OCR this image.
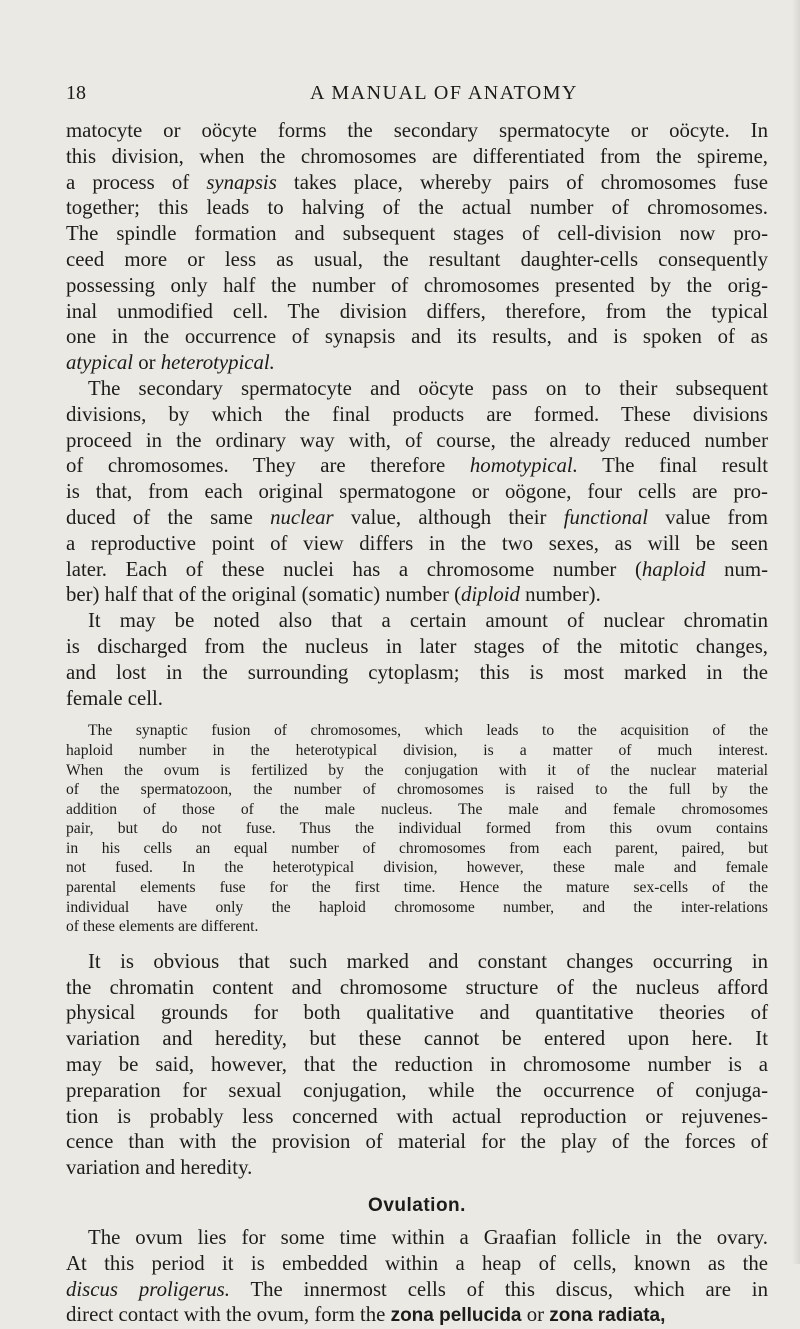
18	A MANUAL OF ANATOMY
matocyte or oöcyte forms the secondary spermatocyte or oöcyte. In
this division, when the chromosomes are differentiated from the spireme,
a process of synapsis takes place, whereby pairs of chromosomes fuse
together; this leads to halving of the actual number of chromosomes.
The spindle formation and subsequent stages of cell-division now pro-
ceed more or less as usual, the resultant daughter-cells consequently
possessing only half the number of chromosomes presented by the orig-
inal unmodified cell. The division differs, therefore, from the typical
one in the occurrence of synapsis and its results, and is spoken of as
atypical or heterotypical.
The secondary spermatocyte and oöcyte pass on to their subsequent
divisions, by which the final products are formed. These divisions
proceed in the ordinary way with, of course, the already reduced number
of chromosomes. They are therefore homotypical. The final result
is that, from each original spermatogone or oögone, four cells are pro-
duced of the same nuclear value, although their functional value from
a reproductive point of view differs in the two sexes, as will be seen
later. Each of these nuclei has a chromosome number (haploid num-
ber) half that of the original (somatic) number (diploid number).
It may be noted also that a certain amount of nuclear chromatin
is discharged from the nucleus in later stages of the mitotic changes,
and lost in the surrounding cytoplasm; this is most marked in the
female cell.
The synaptic fusion of chromosomes, which leads to the acquisition of the
haploid number in the heterotypical division, is a matter of much interest.
When the ovum is fertilized by the conjugation with it of the nuclear material
of the spermatozoon, the number of chromosomes is raised to the full by the
addition of those of the male nucleus. The male and female chromosomes
pair, but do not fuse. Thus the individual formed from this ovum contains
in his cells an equal number of chromosomes from each parent, paired, but
not fused. In the heterotypical division, however, these male and female
parental elements fuse for the first time. Hence the mature sex-cells of the
individual have only the haploid chromosome number, and the inter-relations
of these elements are different.
It is obvious that such marked and constant changes occurring in
the chromatin content and chromosome structure of the nucleus afford
physical grounds for both qualitative and quantitative theories of
variation and heredity, but these cannot be entered upon here. It
may be said, however, that the reduction in chromosome number is a
preparation for sexual conjugation, while the occurrence of conjuga-
tion is probably less concerned with actual reproduction or rejuvenes-
cence than with the provision of material for the play of the forces of
variation and heredity.
Ovulation.
The ovum lies for some time within a Graafian follicle in the ovary.
At this period it is embedded within a heap of cells, known as the
discus proligerus. The innermost cells of this discus, which are in
direct contact with the ovum, form the zona pellucida or zona radiata,
